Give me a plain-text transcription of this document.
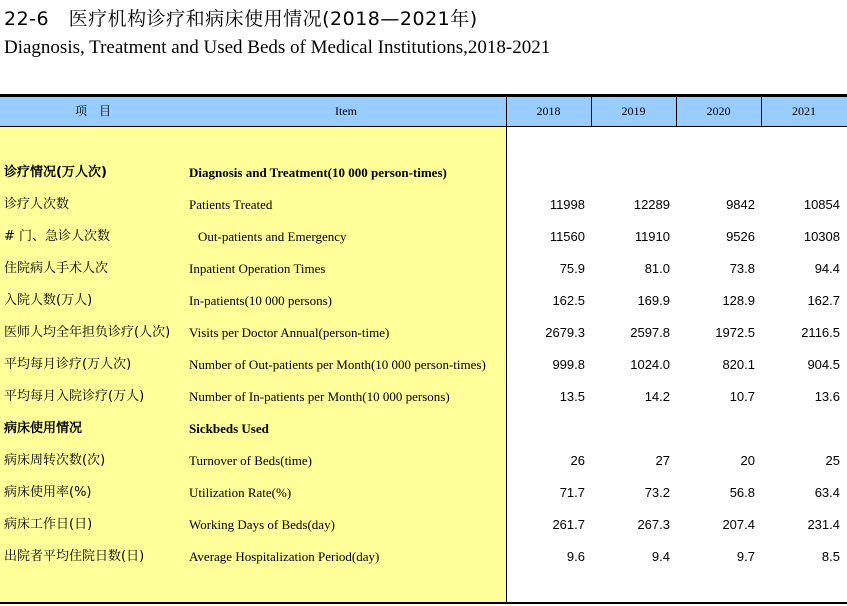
22-6　医疗机构诊疗和病床使用情况(2018—2021年)
Diagnosis, Treatment and Used Beds of Medical Institutions,2018-2021
项　目	Item	2018	2019	2020	2021
诊疗情况(万人次)	Diagnosis and Treatment(10 000 person-times)
诊疗人次数	Patients Treated	11998	12289	9842	10854
# 门、急诊人次数	Out-patients and Emergency	11560	11910	9526	10308
住院病人手术人次	Inpatient Operation Times	75.9	81.0	73.8	94.4
入院人数(万人)	In-patients(10 000 persons)	162.5	169.9	128.9	162.7
医师人均全年担负诊疗(人次) Visits per Doctor Annual(person-time)	2679.3	2597.8	1972.5	2116.5
平均每月诊疗(万人次)	Number of Out-patients per Month(10 000 person-times)	999.8	1024.0	820.1	904.5
平均每月入院诊疗(万人)	Number of In-patients per Month(10 000 persons)	13.5	14.2	10.7	13.6
病床使用情况	Sickbeds Used
病床周转次数(次)	Turnover of Beds(time)	26	27	20	25
病床使用率(%)	Utilization Rate(%)	71.7	73.2	56.8	63.4
病床工作日(日)	Working Days of Beds(day)	261.7	267.3	207.4	231.4
出院者平均住院日数(日)	Average Hospitalization Period(day)	9.6	9.4	9.7	8.5
